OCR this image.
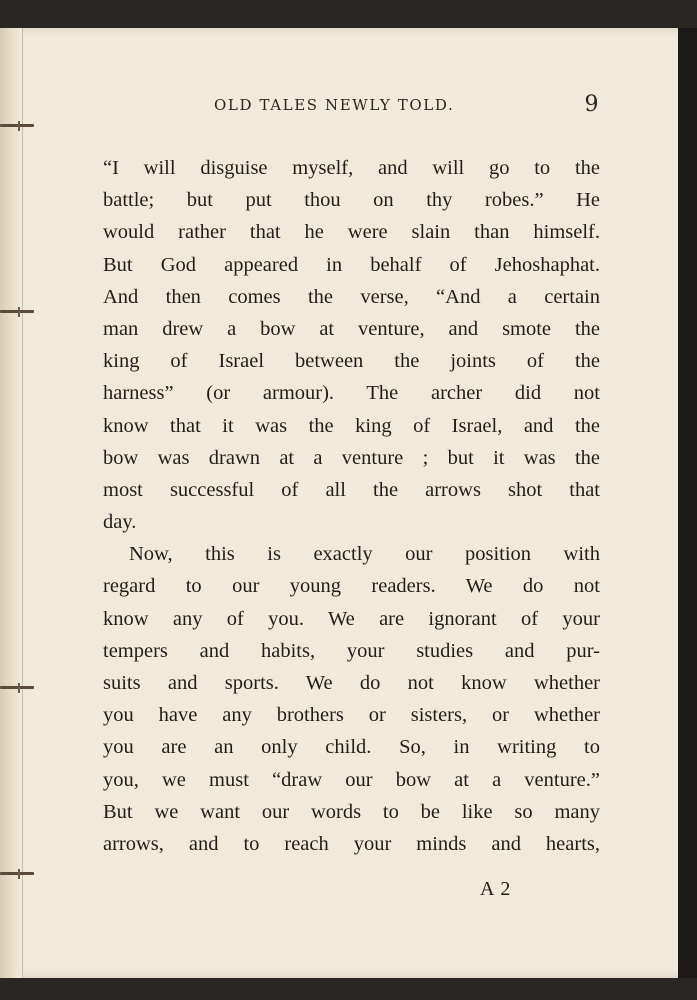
OLD TALES NEWLY TOLD.	9
“I will disguise myself, and will go to the
battle; but put thou on thy robes.” He
would rather that he were slain than himself.
But God appeared in behalf of Jehoshaphat.
And then comes the verse, “And a certain
man drew a bow at venture, and smote the
king of Israel between the joints of the
harness” (or armour). The archer did not
know that it was the king of Israel, and the
bow was drawn at a venture ; but it was the
most successful of all the arrows shot that
day.
Now, this is exactly our position with
regard to our young readers. We do not
know any of you. We are ignorant of your
tempers and habits, your studies and pur-
suits and sports. We do not know whether
you have any brothers or sisters, or whether
you are an only child. So, in writing to
you, we must “draw our bow at a venture.”
But we want our words to be like so many
arrows, and to reach your minds and hearts,
A 2
